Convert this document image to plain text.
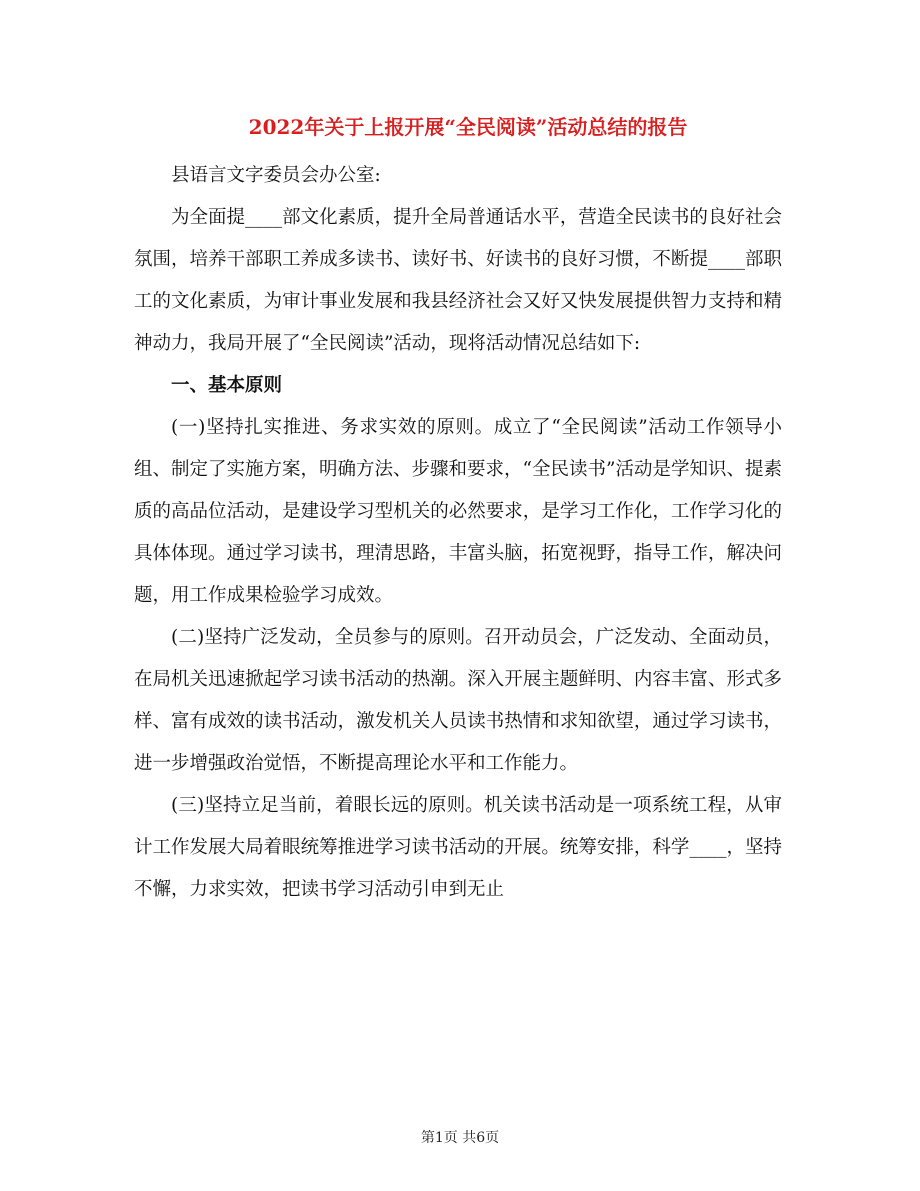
2022年关于上报开展“全民阅读”活动总结的报告

县语言文字委员会办公室:

为全面提____部文化素质，提升全局普通话水平，营造全民读书的良好社会氛围，培养干部职工养成多读书、读好书、好读书的良好习惯，不断提____部职工的文化素质，为审计事业发展和我县经济社会又好又快发展提供智力支持和精神动力，我局开展了“全民阅读”活动，现将活动情况总结如下:

一、基本原则

(一)坚持扎实推进、务求实效的原则。成立了“全民阅读”活动工作领导小组、制定了实施方案，明确方法、步骤和要求，“全民读书”活动是学知识、提素质的高品位活动，是建设学习型机关的必然要求，是学习工作化，工作学习化的具体体现。通过学习读书，理清思路，丰富头脑，拓宽视野，指导工作，解决问题，用工作成果检验学习成效。

(二)坚持广泛发动，全员参与的原则。召开动员会，广泛发动、全面动员，在局机关迅速掀起学习读书活动的热潮。深入开展主题鲜明、内容丰富、形式多样、富有成效的读书活动，激发机关人员读书热情和求知欲望，通过学习读书，进一步增强政治觉悟，不断提高理论水平和工作能力。

(三)坚持立足当前，着眼长远的原则。机关读书活动是一项系统工程，从审计工作发展大局着眼统筹推进学习读书活动的开展。统筹安排，科学____，坚持不懈，力求实效，把读书学习活动引申到无止

第1页 共6页
